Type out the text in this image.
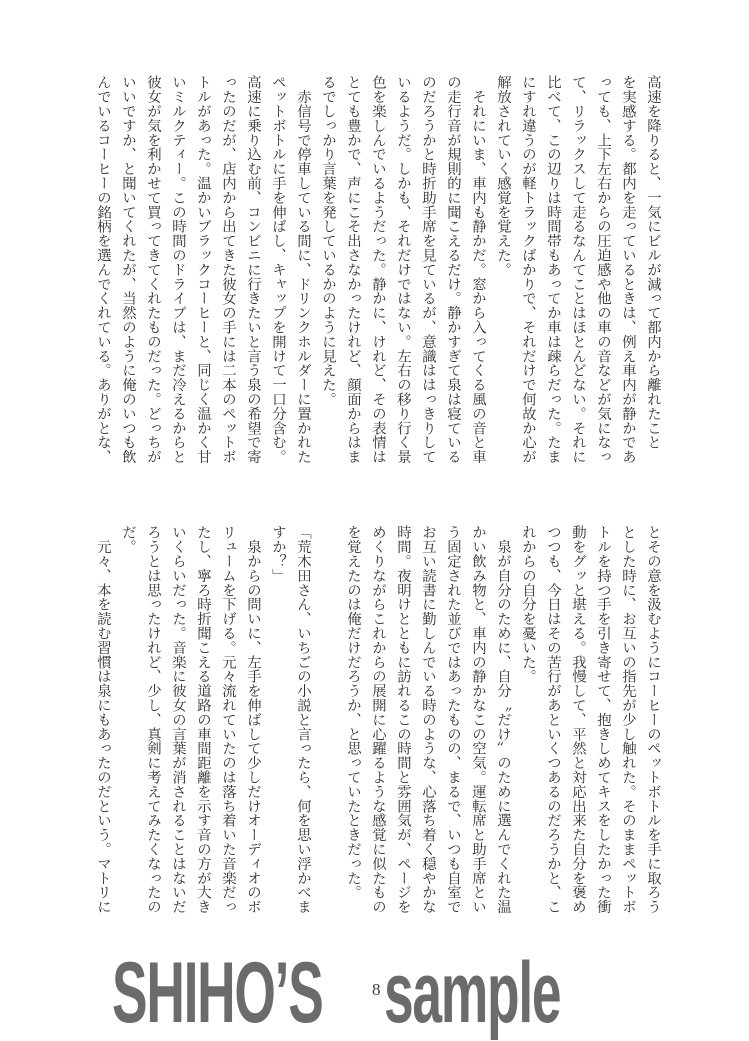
高速を降りると、一気にビルが減って都内から離れたこと
を実感する。都内を走っているときは、例え車内が静かであ
っても、上下左右からの圧迫感や他の車の音などが気になっ
て、リラックスして走るなんてことはほとんどない。それに
比べて、この辺りは時間帯もあってか車は疎らだった。たま
にすれ違うのが軽トラックばかりで、それだけで何故か心が
解放されていく感覚を覚えた。
　それにいま、車内も静かだ。窓から入ってくる風の音と車
の走行音が規則的に聞こえるだけ。静かすぎて泉は寝ている
のだろうかと時折助手席を見ているが、意識ははっきりして
いるようだ。しかも、それだけではない。左右の移り行く景
色を楽しんでいるようだった。静かに、けれど、その表情は
とても豊かで、声にこそ出さなかったけれど、顔面からはま
るでしっかり言葉を発しているかのように見えた。
　赤信号で停車している間に、ドリンクホルダーに置かれた
ペットボトルに手を伸ばし、キャップを開けて一口分含む。
高速に乗り込む前、コンビニに行きたいと言う泉の希望で寄
ったのだが、店内から出てきた彼女の手には二本のペットボ
トルがあった。温かいブラックコーヒーと、同じく温かく甘
いミルクティー。この時間のドライブは、まだ冷えるからと
彼女が気を利かせて買ってきてくれたものだった。どっちが
いいですか、と聞いてくれたが、当然のように俺のいつも飲
んでいるコーヒーの銘柄を選んでくれている。ありがとな、
とその意を汲むようにコーヒーのペットボトルを手に取ろう
とした時に、お互いの指先が少し触れた。そのままペットボ
トルを持つ手を引き寄せて、抱きしめてキスをしたかった衝
動をグッと堪える。我慢して、平然と対応出来た自分を褒め
つつも、今日はその苦行があといくつあるのだろうかと、こ
れからの自分を憂いた。
　泉が自分のために、自分〝だけ〟のために選んでくれた温
かい飲み物と、車内の静かなこの空気。運転席と助手席とい
う固定された並びではあったものの、まるで、いつも自室で
お互い読書に勤しんでいる時のような、心落ち着く穏やかな
時間。夜明けとともに訪れるこの時間と雰囲気が、ページを
めくりながらこれからの展開に心躍るような感覚に似たもの
を覚えたのは俺だけだろうか、と思っていたときだった。
「荒木田さん、いちごの小説と言ったら、何を思い浮かべま
すか？」
　泉からの問いに、左手を伸ばして少しだけオーディオのボ
リュームを下げる。元々流れていたのは落ち着いた音楽だっ
たし、寧ろ時折聞こえる道路の車間距離を示す音の方が大き
いくらいだった。音楽に彼女の言葉が消されることはないだ
ろうとは思ったけれど、少し、真剣に考えてみたくなったの
だ。
　元々、本を読む習慣は泉にもあったのだという。マトリに
SHIHO’S sample
8
